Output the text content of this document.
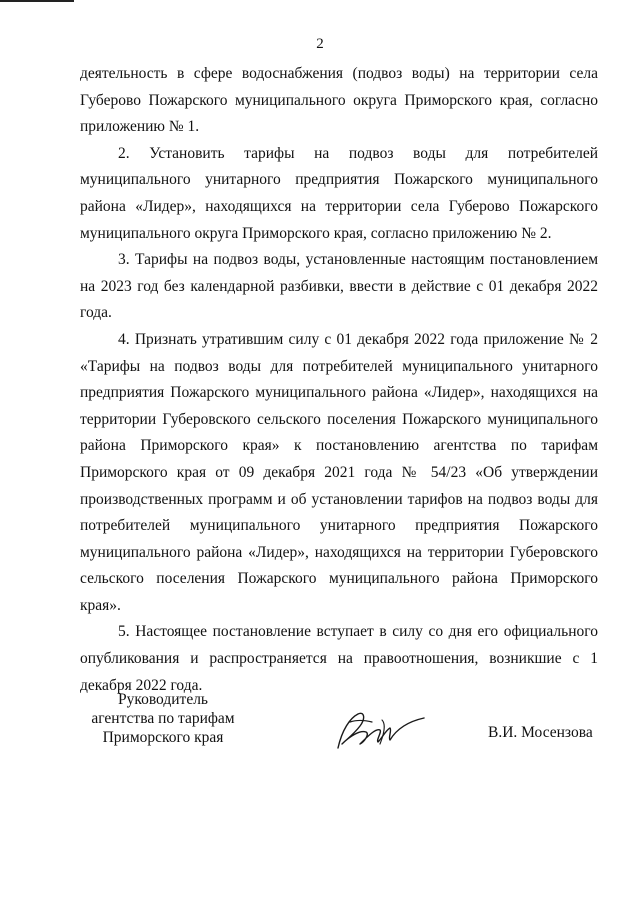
2

деятельность в сфере водоснабжения (подвоз воды) на территории села Губерово Пожарского муниципального округа Приморского края, согласно приложению № 1.

2. Установить тарифы на подвоз воды для потребителей муниципального унитарного предприятия Пожарского муниципального района «Лидер», находящихся на территории села Губерово Пожарского муниципального округа Приморского края, согласно приложению № 2.

3. Тарифы на подвоз воды, установленные настоящим постановлением на 2023 год без календарной разбивки, ввести в действие с 01 декабря 2022 года.

4. Признать утратившим силу с 01 декабря 2022 года приложение № 2 «Тарифы на подвоз воды для потребителей муниципального унитарного предприятия Пожарского муниципального района «Лидер», находящихся на территории Губеровского сельского поселения Пожарского муниципального района Приморского края» к постановлению агентства по тарифам Приморского края от 09 декабря 2021 года № 54/23 «Об утверждении производственных программ и об установлении тарифов на подвоз воды для потребителей муниципального унитарного предприятия Пожарского муниципального района «Лидер», находящихся на территории Губеровского сельского поселения Пожарского муниципального района Приморского края».

5. Настоящее постановление вступает в силу со дня его официального опубликования и распространяется на правоотношения, возникшие с 1 декабря 2022 года.

Руководитель
агентства по тарифам
Приморского края	В.И. Мосензова
